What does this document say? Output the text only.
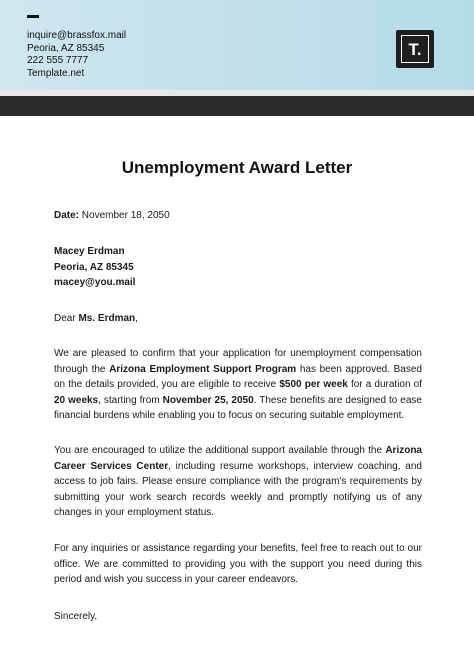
inquire@brassfox.mail
Peoria, AZ 85345
222 555 7777
Template.net
T.
Unemployment Award Letter
Date: November 18, 2050
Macey Erdman
Peoria, AZ 85345
macey@you.mail
Dear Ms. Erdman,
We are pleased to confirm that your application for unemployment compensation through the Arizona Employment Support Program has been approved. Based on the details provided, you are eligible to receive $500 per week for a duration of 20 weeks, starting from November 25, 2050. These benefits are designed to ease financial burdens while enabling you to focus on securing suitable employment.
You are encouraged to utilize the additional support available through the Arizona Career Services Center, including resume workshops, interview coaching, and access to job fairs. Please ensure compliance with the program's requirements by submitting your work search records weekly and promptly notifying us of any changes in your employment status.
For any inquiries or assistance regarding your benefits, feel free to reach out to our office. We are committed to providing you with the support you need during this period and wish you success in your career endeavors.
Sincerely,
